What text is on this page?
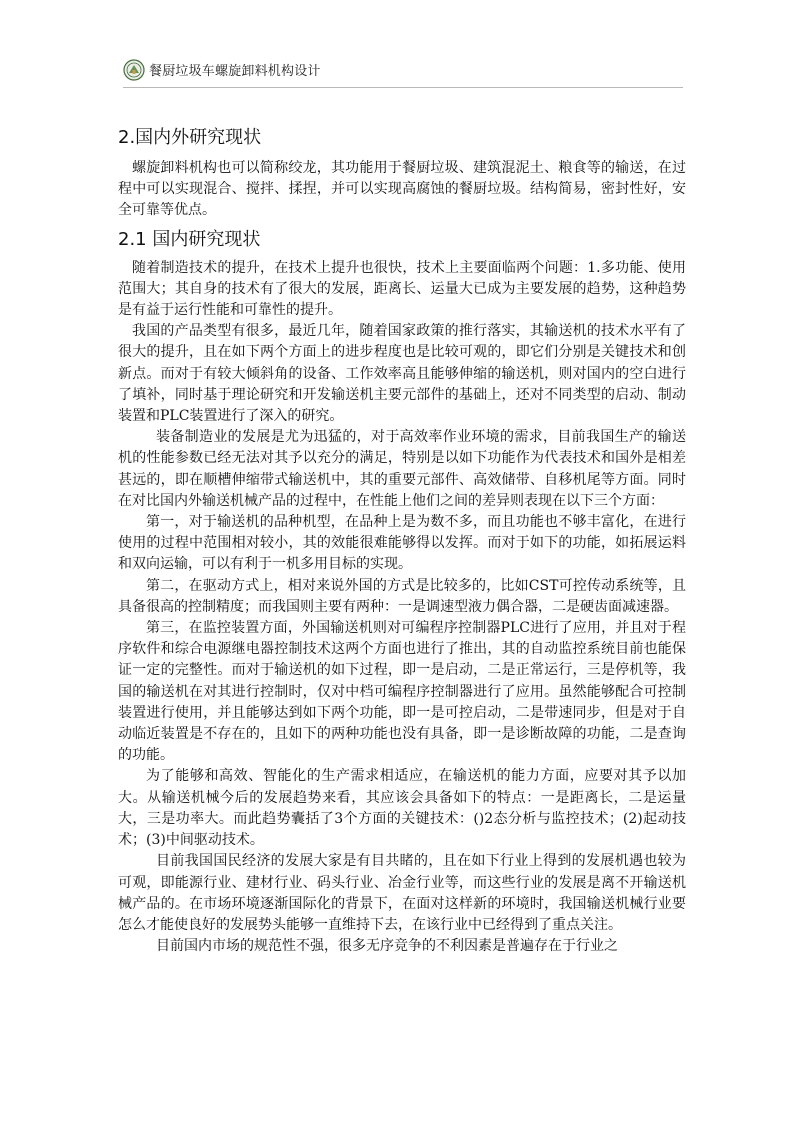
餐厨垃圾车螺旋卸料机构设计
2.国内外研究现状

螺旋卸料机构也可以简称绞龙，其功能用于餐厨垃圾、建筑混泥土、粮食等的输送，在过程中可以实现混合、搅拌、揉捏，并可以实现高腐蚀的餐厨垃圾。结构简易，密封性好，安全可靠等优点。

2.1 国内研究现状

随着制造技术的提升，在技术上提升也很快，技术上主要面临两个问题：1.多功能、使用范围大；其自身的技术有了很大的发展，距离长、运量大已成为主要发展的趋势，这种趋势是有益于运行性能和可靠性的提升。

我国的产品类型有很多，最近几年，随着国家政策的推行落实，其输送机的技术水平有了很大的提升，且在如下两个方面上的进步程度也是比较可观的，即它们分别是关键技术和创新点。而对于有较大倾斜角的设备、工作效率高且能够伸缩的输送机，则对国内的空白进行了填补，同时基于理论研究和开发输送机主要元部件的基础上，还对不同类型的启动、制动装置和PLC装置进行了深入的研究。

装备制造业的发展是尤为迅猛的，对于高效率作业环境的需求，目前我国生产的输送机的性能参数已经无法对其予以充分的满足，特别是以如下功能作为代表技术和国外是相差甚远的，即在顺槽伸缩带式输送机中，其的重要元部件、高效储带、自移机尾等方面。同时在对比国内外输送机械产品的过程中，在性能上他们之间的差异则表现在以下三个方面：

第一，对于输送机的品种机型，在品种上是为数不多，而且功能也不够丰富化，在进行使用的过程中范围相对较小，其的效能很难能够得以发挥。而对于如下的功能，如拓展运料和双向运输，可以有利于一机多用目标的实现。

第二，在驱动方式上，相对来说外国的方式是比较多的，比如CST可控传动系统等，且具备很高的控制精度；而我国则主要有两种：一是调速型液力偶合器，二是硬齿面减速器。

第三，在监控装置方面，外国输送机则对可编程序控制器PLC进行了应用，并且对于程序软件和综合电源继电器控制技术这两个方面也进行了推出，其的自动监控系统目前也能保证一定的完整性。而对于输送机的如下过程，即一是启动，二是正常运行，三是停机等，我国的输送机在对其进行控制时，仅对中档可编程序控制器进行了应用。虽然能够配合可控制装置进行使用，并且能够达到如下两个功能，即一是可控启动，二是带速同步，但是对于自动临近装置是不存在的，且如下的两种功能也没有具备，即一是诊断故障的功能，二是查询的功能。

为了能够和高效、智能化的生产需求相适应，在输送机的能力方面，应要对其予以加大。从输送机械今后的发展趋势来看，其应该会具备如下的特点：一是距离长，二是运量大，三是功率大。而此趋势囊括了3个方面的关键技术：()2态分析与监控技术；(2)起动技术；(3)中间驱动技术。

目前我国国民经济的发展大家是有目共睹的，且在如下行业上得到的发展机遇也较为可观，即能源行业、建材行业、码头行业、冶金行业等，而这些行业的发展是离不开输送机械产品的。在市场环境逐渐国际化的背景下，在面对这样新的环境时，我国输送机械行业要怎么才能使良好的发展势头能够一直维持下去，在该行业中已经得到了重点关注。

目前国内市场的规范性不强，很多无序竞争的不利因素是普遍存在于行业之
